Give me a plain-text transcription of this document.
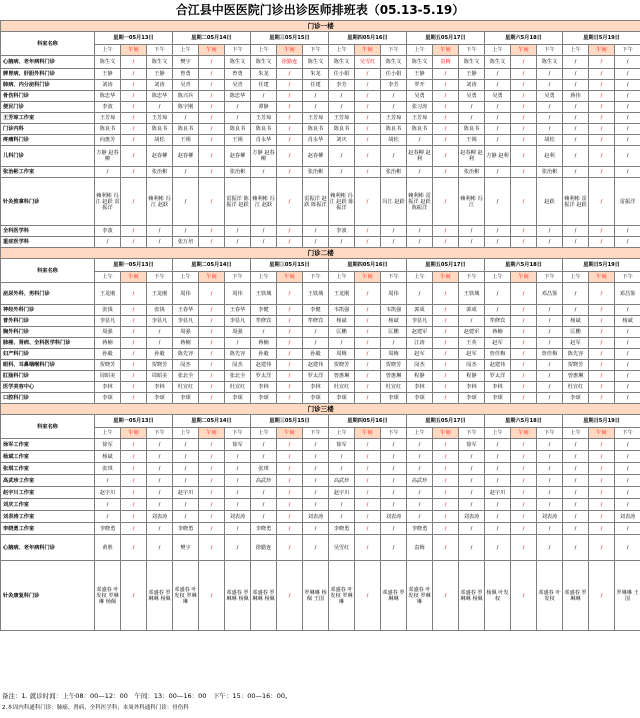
合江县中医医院门诊出诊医师排班表（05.13-5.19）
门诊一楼																					
科室名称	星期一05月13日			星期二05月14日			星期三05月15日			星期四05月16日			星期五05月17日			星期六5月18日			星期日5月19日		
	上午	午间	下午	上午	午间	下午	上午	午间	下午	上午	午间	下午	上午	午间	下午	上午	午间	下午	上午	午间	下午
心脑病、老年病科门诊	陈生文	/	陈生文	樊宇	/	陈生文	陈生文	徐勤连	陈生文	陈生文	吴雪红	陈生文	陈生文	袁梅	陈生文	陈生文	/	陈生文	/	/	/
脾胃病、肝胆外科门诊	王静	/	王静	曾勇	/	曾勇	朱龙	/	朱龙	任小娟	/	任小娟	王静	/	王静	/	/	/	/	/	/
肺病、内分泌科门诊	刘涛	/	刘涛	吴青	/	吴青	任建	/	任建	李芳	/	李芳	罗开	/	刘涛	/	/	/	/	/	/
骨伤科门诊	陈忠华	/	陈忠华	陈兴兵	/	陈忠华	/	/	/	/	/	/	吴勇	/	吴勇	吴勇	/	吴勇	蒋伟	/	/
便民门诊	李波	/	/	陈宇刚	/	/	谭静	/	/	/	/	/	张习涛	/	/	/	/	/	/	/	/
王芳琼工作室	王芳琼	/	王芳琼	/	/	/	王芳琼	/	王芳琼	王芳琼	/	王芳琼	王芳琼	/	/	/	/	/	/	/	/
门诊内科	陈良书	/	陈良书	陈良书	/	陈良书	陈良书	/	陈良书	陈良书	/	陈良书	陈良书	/	陈良书	/	/	/	/	/	/
疼痛科门诊	向惠芳	/	胡松	王锡	/	王锡	肖永华	/	肖永华	刘庆	/	胡松	/	/	王锡	/	/	胡松	/	/	/
儿科门诊	方静 赵春柳	/	赵春柳	赵春柳	/	赵春柳	方静 赵春柳	/	赵春柳	/	/	/	赵春柳 赵利	/	赵春柳 赵利	方静 赵利	/	赵利	/	/	/
张治彬工作室	/	/	张治彬	/	/	张治彬	/	/	张治彬	/	/	张治彬	/	/	张治彬	/	/	张治彬	/	/	/
针灸推拿科门诊	赖利彬 冯江 赵跃 雷振洋	/	赖利彬 冯江 赵跃	/	/	雷振洋 陈振洋 赵跃	赖利彬 冯江 赵跃	/	雷振洋 赵跃 陈振洋	赖利彬 冯江 赵跃 陈振洋	/	冯江 赵跃	赖利彬 雷振洋 赵跃 陈振洋	/	赖利彬 冯江	/	/	赵跃	赖利彬 雷振洋 赵跃	/	雷振洋
全科医学科	李波	/	/	/	/	/	/	/	/	李波	/	/	/	/	/	/	/	/	/	/	/
重症医学科	/	/	/	张万培	/	/	/	/	/	/	/	/	/	/	/	/	/	/	/	/	/
门诊二楼																					
科室名称	星期一05月13日			星期二05月14日			星期三05月15日			星期四05月16日			星期五05月17日			星期六5月18日			星期日5月19日		
	上午	午间	下午	上午	午间	下午	上午	午间	下午	上午	午间	下午	上午	午间	下午	上午	午间	下午	上午	午间	下午
泌尿外科、男科门诊	王龙刚	/	王龙刚	周伟	/	周伟	王铁城	/	王铁城	王龙刚	/	周伟	/	/	王铁城	/	/	邓昌鉴	/	/	邓昌鉴
神经外科门诊	张钱	/	张钱	王春华	/	王春华	李健	/	李健	韦凯强	/	韦凯强	郭成	/	郭成	/	/	/	/	/	/
普外科门诊	李显凡	/	李显凡	李显凡	/	李显凡	牟修宾	/	牟修宾	杨斌	/	杨斌	李显凡	/	/	牟修宾	/	/	杨斌	/	杨斌
胸外科门诊	周强	/	/	周强	/	周强	/	/	/	匡鹏	/	匡鹏	赵建军	/	赵建军	蒋楠	/	/	匡鹏	/	/
肺癌、肾病、全科医学科门诊	蒋楠	/	/	蒋楠	/	/	蒋楠	/	/	/	/	/	江涛	/	王英	赵军	/	/	赵军	/	/
妇产科门诊	孙毅	/	孙毅	陈先容	/	陈先容	孙毅	/	孙毅	周梅	/	周梅	赵军	/	赵军	詹佳梅	/	詹佳梅	陈先容	/	/
眼科、耳鼻咽喉科门诊	贺晓芳	/	贺晓芳	闵杰	/	闵杰	赵建伟	/	赵建伟	贺晓芳	/	贺晓芳	闵杰	/	闵杰	赵建伟	/	/	贺晓芳	/	/
肛肠科门诊	周昭美	/	周昭美	张北全	/	张北全	罗太洋	/	罗太洋	曾惠琳	/	曾惠琳	程静	/	程静	罗太洋	/	/	曾惠琳	/	/
医学美容中心	李林	/	李林	杜宣红	/	杜宣红	李林	/	李林	杜宣红	/	杜宣红	李林	/	李林	李林	/	/	杜宣红	/	/
口腔科门诊	李颂	/	李颂	李颂	/	李颂	李颂	/	李颂	李颂	/	李颂	李颂	/	李颂	李颂	/	/	李颂	/	/
门诊三楼																					
科室名称	星期一05月13日			星期二05月14日			星期三05月15日			星期四05月16日			星期五05月17日			星期六5月18日			星期日5月19日		
	上午	午间	下午	上午	午间	下午	上午	午间	下午	上午	午间	下午	上午	午间	下午	上午	午间	下午	上午	午间	下午
徐军工作室	徐军	/	/	/	/	徐军	/	/	/	徐军	/	/	/	/	徐军	/	/	/	/	/	/
杨斌工作室	杨斌	/	/	/	/	/	/	/	/	/	/	/	/	/	/	/	/	/	/	/	/
张琪工作室	张琪	/	/	/	/	/	张琪	/	/	/	/	/	/	/	/	/	/	/	/	/	/
高武珍工作室	/	/	/	/	/	/	高武珍	/	/	高武珍	/	/	高武珍	/	/	/	/	/	/	/	/
赵宇川工作室	赵宇川	/	/	赵宇川	/	/	/	/	/	赵宇川	/	/	/	/	/	赵宇川	/	/	/	/	/
刘庆工作室	/	/	/	/	/	/	/	/	/	/	/	/	/	/	/	/	/	/	/	/	/
刘表涛工作室	/	/	刘表涛	/	/	刘表涛	/	/	刘表涛	/	/	刘表涛	/	/	刘表涛	/	/	刘表涛	/	/	刘表涛
李晓勇工作室	李晓勇	/	/	李晓勇	/	/	李晓勇	/	/	李晓勇	/	/	李晓勇	/	/	/	/	/	/	/	/
心脑病、老年病科门诊	黄胜	/	/	樊宇	/	/	徐勤连	/	/	吴雪红	/	/	袁梅	/	/	/	/	/	/	/	/
针灸康复科门诊	邓盛春 叶发权 罗琳琳 杨佩	/	邓盛春 罗琳琳 杨佩	邓盛春 叶发权 罗琳琳	/	邓盛春 罗琳琳 杨佩	邓盛春 罗琳琳 杨佩	/	罗琳琳 杨佩 王国	邓盛春 叶发权 罗琳琳	/	邓盛春 罗琳琳	邓盛春 叶发权 罗琳琳	/	邓盛春 罗琳琳 杨佩	杨佩 叶发权	/	邓盛春 叶发权	邓盛春 罗琳琳	/	罗琳琳 王国
备注：1. 就诊时间：上午08：00—12：00　午间：13：00—16：00　下午：15：00—16：00。
2.本周内科通科门诊：肺癌、肾病、全科医学科；本周外科通科门诊：骨伤科
